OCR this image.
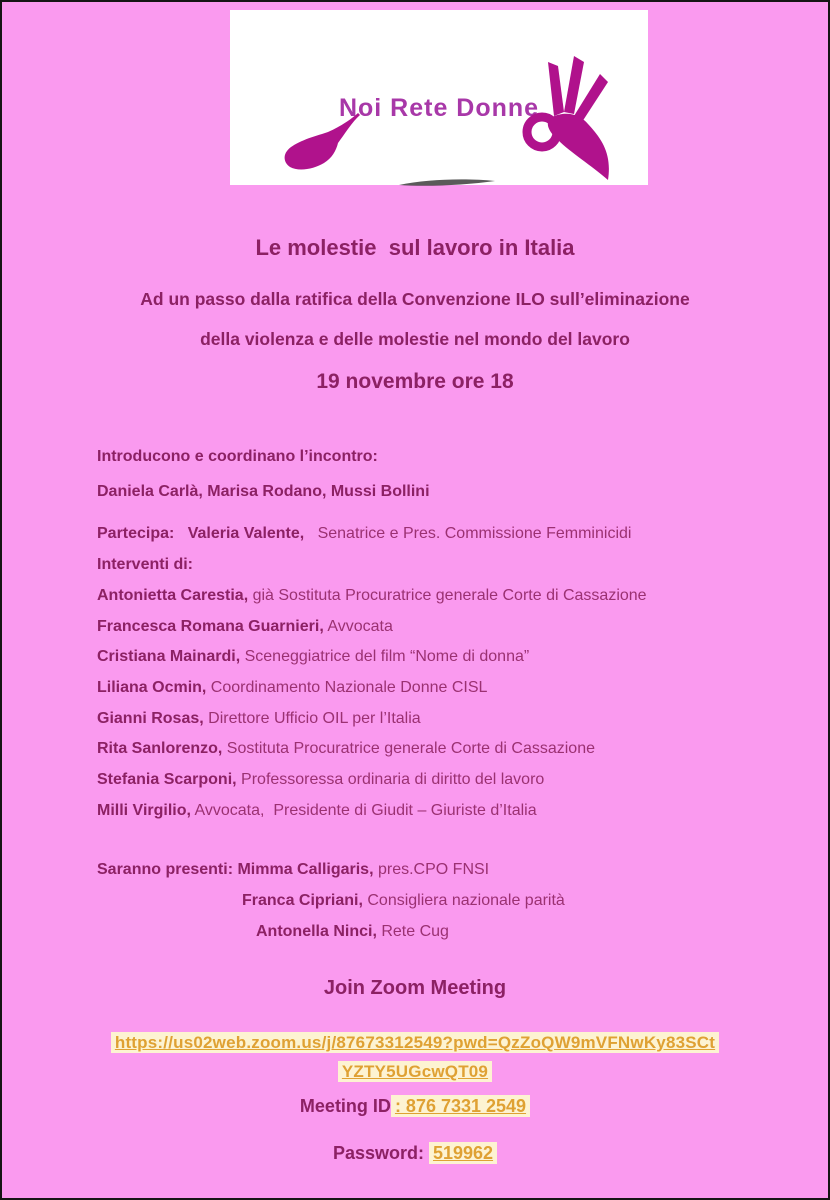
Noi Rete Donne
Le molestie  sul lavoro in Italia
Ad un passo dalla ratifica della Convenzione ILO sull’eliminazione
della violenza e delle molestie nel mondo del lavoro
19 novembre ore 18
Introducono e coordinano l’incontro:
Daniela Carlà, Marisa Rodano, Mussi Bollini
Partecipa:   Valeria Valente,   Senatrice e Pres. Commissione Femminicidi
Interventi di:
Antonietta Carestia, già Sostituta Procuratrice generale Corte di Cassazione
Francesca Romana Guarnieri, Avvocata
Cristiana Mainardi, Sceneggiatrice del film “Nome di donna”
Liliana Ocmin, Coordinamento Nazionale Donne CISL
Gianni Rosas, Direttore Ufficio OIL per l’Italia
Rita Sanlorenzo, Sostituta Procuratrice generale Corte di Cassazione
Stefania Scarponi, Professoressa ordinaria di diritto del lavoro
Milli Virgilio, Avvocata,  Presidente di Giudit – Giuriste d’Italia
Saranno presenti: Mimma Calligaris, pres.CPO FNSI
Franca Cipriani, Consigliera nazionale parità
Antonella Ninci, Rete Cug
Join Zoom Meeting
https://us02web.zoom.us/j/87673312549?pwd=QzZoQW9mVFNwKy83SCt
YZTY5UGcwQT09
Meeting ID : 876 7331 2549
Password: 519962
